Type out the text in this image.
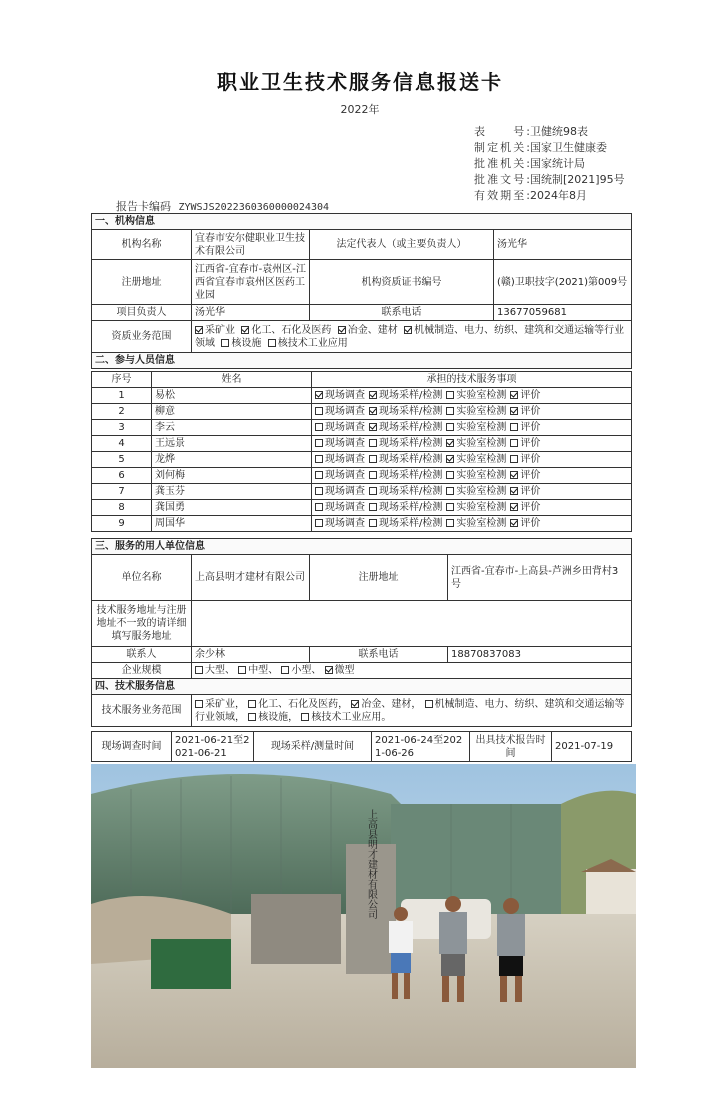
职业卫生技术服务信息报送卡
2022年
表　　号:卫健统98表
制定机关:国家卫生健康委
批准机关:国家统计局
批准文号:国统制[2021]95号
有效期至:2024年8月
报告卡编码 ZYWSJS2022360360000024304
一、机构信息			
机构名称	宜春市安尔健职业卫生技术有限公司	法定代表人（或主要负责人）	汤光华
注册地址	江西省-宜春市-袁州区-江西省宜春市袁州区医药工业园	机构资质证书编号	(赣)卫职技字(2021)第009号
项目负责人	汤光华	联系电话	13677059681
资质业务范围	采矿业 化工、石化及医药 冶金、建材 机械制造、电力、纺织、建筑和交通运输等行业领域 核设施 核技术工业应用		
二、参与人员信息			
序号	姓名	承担的技术服务事项
1	易松	现场调查 现场采样/检测 实验室检测 评价
2	柳意	现场调查 现场采样/检测 实验室检测 评价
3	李云	现场调查 现场采样/检测 实验室检测 评价
4	王远景	现场调查 现场采样/检测 实验室检测 评价
5	龙烨	现场调查 现场采样/检测 实验室检测 评价
6	刘何梅	现场调查 现场采样/检测 实验室检测 评价
7	龚玉芬	现场调查 现场采样/检测 实验室检测 评价
8	龚国勇	现场调查 现场采样/检测 实验室检测 评价
9	周国华	现场调查 现场采样/检测 实验室检测 评价
三、服务的用人单位信息			
单位名称	上高县明才建材有限公司	注册地址	江西省-宜春市-上高县-芦洲乡田背村3号
技术服务地址与注册地址不一致的请详细填写服务地址			
联系人	余少林	联系电话	18870837083
企业规模	大型、 中型、 小型、 微型		
四、技术服务信息			
技术服务业务范围	采矿业， 化工、石化及医药， 冶金、建材， 机械制造、电力、纺织、建筑和交通运输等行业领域， 核设施， 核技术工业应用。		
现场调查时间	2021-06-21至2021-06-21	现场采样/测量时间	2021-06-24至2021-06-26	出具技术报告时间	2021-07-19
上高县明才建材有限公司
